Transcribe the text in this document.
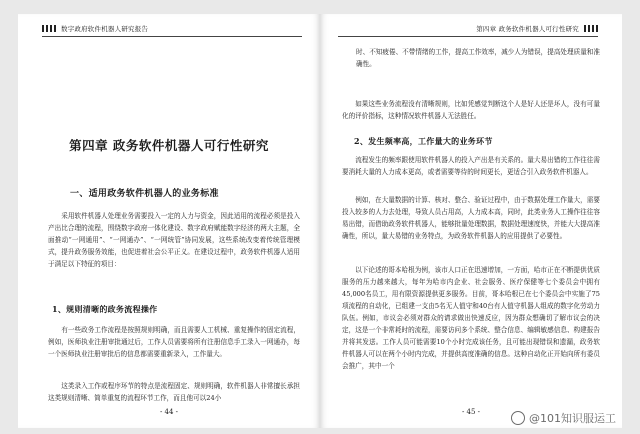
数字政府软件机器人研究报告
第四章 政务软件机器人可行性研究
一、适用政务软件机器人的业务标准
采用软件机器人处理业务需要投入一定的人力与资金，因此适用的流程必须是投入产出比合理的流程，围绕数字政府一体化建设、数字政府赋能数字经济的两大主题，全面推动“一网通用”、“一网通办”、“一网统管”协同发展，这些系统改变着传统管理模式，提升政务服务效能，也促进着社会公平正义。在建设过程中，政务软件机器人适用于满足以下特征的项目：
1、规则清晰的政务流程操作
有一些政务工作流程是按照规则明确，而且需要人工机械、重复操作的固定流程，例如，医师执业注册审批通过后，工作人员需要将所有注册信息手工录入一网通办，每一个医师执业注册审批后的信息都需要重新录入，工作量大。
这类录入工作或程序环节的特点是流程固定、规则明确，软件机器人非常擅长承担这类规则清晰、简单重复的流程环节工作，而且他可以24小
- 44 -
第四章 政务软件机器人可行性研究
时、不知疲倦、不带情绪的工作，提高工作效率，减少人为错误，提高处理质量和准确性。
如果这些业务流程没有清晰规则，比如凭感觉判断这个人是好人还是坏人，没有可量化的评价指标，这种情况软件机器人无法胜任。
2、发生频率高，工作量大的业务环节
流程发生的频率跟使用软件机器人的投入产出是有关系的。量大易出错的工作往往需要消耗大量的人力成本更高，或者需要等待的时间更长，更适合引入政务软件机器人。
例如，在大量数据的计算、核对、整合、验证过程中，由于数据处理工作量大，需要投入较多的人力去处理，导致人员占用高，人力成本高，同时，此类业务人工操作往往容易出错，而借助政务软件机器人，能够批量处理数据，数据处理速度快，并能大大提高准确性，所以，量大易错的业务特点，为政务软件机器人的应用提供了必要性。
以下论述的哥本哈根为例，该市人口正在迅速增加，一方面，哈市正在不断提供优质服务的压力越来越大，每年为哈市内企业、社会服务、医疗保健等七个委员会中拥有45,000名员工，用有限资源提供更多服务。目前，哥本哈根已在七个委员会中实施了75项流程的自动化，已组建一支由5名无人值守和40台有人值守机器人组成的数字化劳动力队伍。例如，市议会必须对群众的请求做出快速反应，因为群众想确切了解市议会的决定，这是一个非常耗时的流程，需要访问多个系统、整合信息、编辑敏感信息、构建报告并将其发送。工作人员可能需要10个小时完成该任务，且可能出现错误和遗漏，政务软件机器人可以在两个小时内完成，并提供高度准确的信息。这种自动化正开始向所有委员会推广，其中一个
- 45 -	@101知识服运工
